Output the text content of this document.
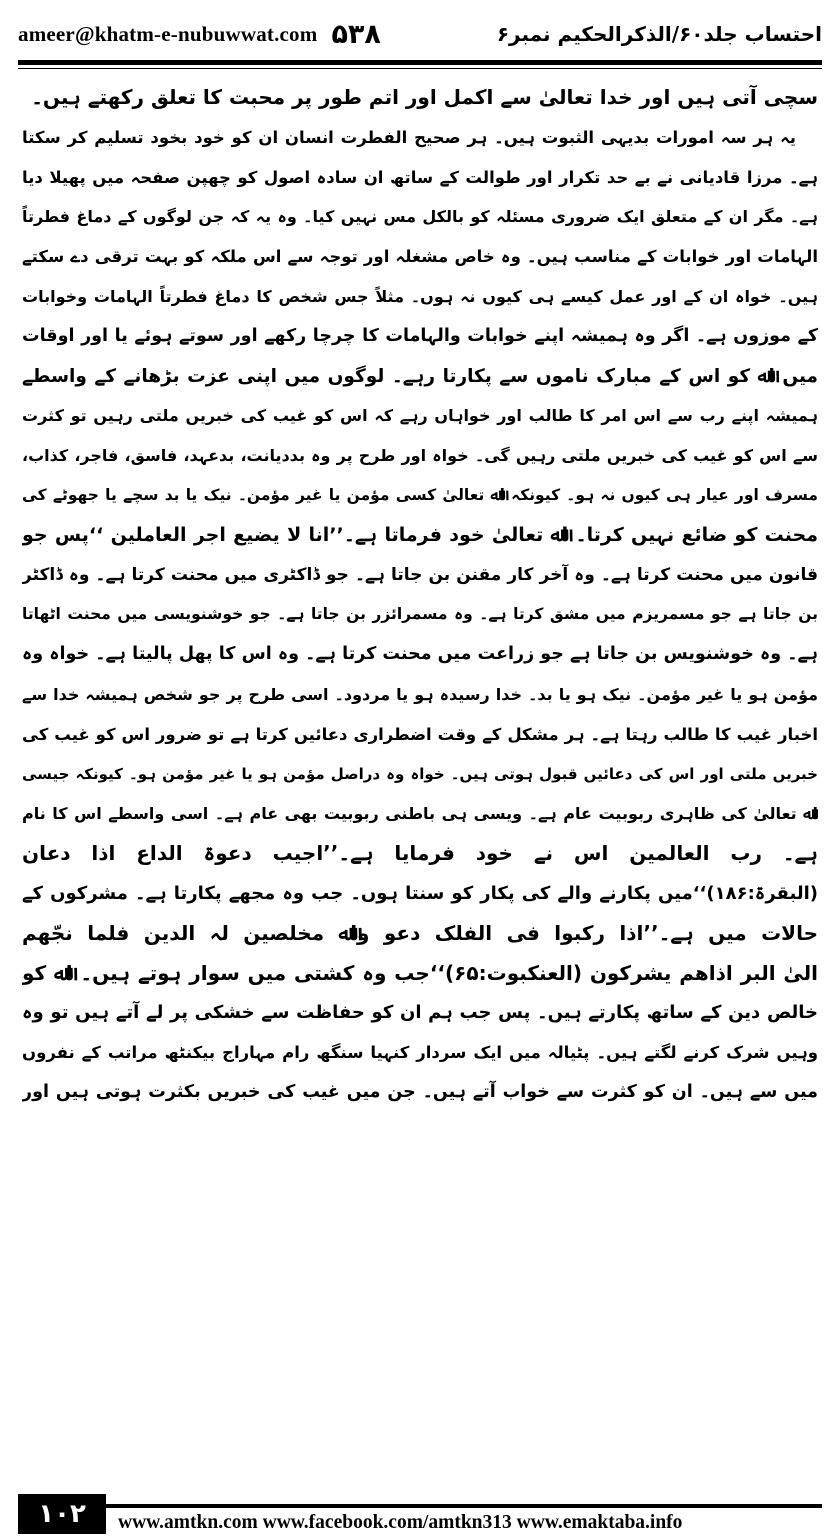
ameer@khatm-e-nubuwwat.com ۵۳۸	احتساب جلد۶۰/الذکرالحکیم نمبر۶
سچی آتی ہیں اور خدا تعالیٰ سے اکمل اور اتم طور پر محبت کا تعلق رکھتے ہیں۔
یہ ہر سہ امورات بدیہی الثبوت ہیں۔ ہر صحیح الفطرت انسان ان کو خود بخود تسلیم کر سکتا
ہے۔ مرزا قادیانی نے بے حد تکرار اور طوالت کے ساتھ ان سادہ اصول کو چھپن صفحہ میں پھیلا دیا
ہے۔ مگر ان کے متعلق ایک ضروری مسئلہ کو بالکل مس نہیں کیا۔ وہ یہ کہ جن لوگوں کے دماغ فطرتاً
الہامات اور خوابات کے مناسب ہیں۔ وہ خاص مشغلہ اور توجہ سے اس ملکہ کو بہت ترقی دے سکتے
ہیں۔ خواہ ان کے اور عمل کیسے ہی کیوں نہ ہوں۔ مثلاً جس شخص کا دماغ فطرتاً الہامات وخوابات
کے موزوں ہے۔ اگر وہ ہمیشہ اپنے خوابات والہامات کا چرچا رکھے اور سوتے ہوئے یا اور اوقات
میں اﷲ کو اس کے مبارک ناموں سے پکارتا رہے۔ لوگوں میں اپنی عزت بڑھانے کے واسطے
ہمیشہ اپنے رب سے اس امر کا طالب اور خواہاں رہے کہ اس کو غیب کی خبریں ملتی رہیں تو کثرت
سے اس کو غیب کی خبریں ملتی رہیں گی۔ خواہ اور طرح پر وہ بددیانت، بدعہد، فاسق، فاجر، کذاب،
مسرف اور عیار ہی کیوں نہ ہو۔ کیونکہ اﷲ تعالیٰ کسی مؤمن یا غیر مؤمن۔ نیک یا بد سچے یا جھوٹے کی
محنت کو ضائع نہیں کرتا۔ اﷲ تعالیٰ خود فرماتا ہے۔’’انا لا یضیع اجر العاملین ‘‘پس جو
قانون میں محنت کرتا ہے۔ وہ آخر کار مقنن بن جاتا ہے۔ جو ڈاکٹری میں محنت کرتا ہے۔ وہ ڈاکٹر
بن جاتا ہے جو مسمریزم میں مشق کرتا ہے۔ وہ مسمرائزر بن جاتا ہے۔ جو خوشنویسی میں محنت اٹھاتا
ہے۔ وہ خوشنویس بن جاتا ہے جو زراعت میں محنت کرتا ہے۔ وہ اس کا پھل پالیتا ہے۔ خواہ وہ
مؤمن ہو یا غیر مؤمن۔ نیک ہو یا بد۔ خدا رسیدہ ہو یا مردود۔ اسی طرح پر جو شخص ہمیشہ خدا سے
اخبار غیب کا طالب رہتا ہے۔ ہر مشکل کے وقت اضطراری دعائیں کرتا ہے تو ضرور اس کو غیب کی
خبریں ملتی اور اس کی دعائیں قبول ہوتی ہیں۔ خواہ وہ دراصل مؤمن ہو یا غیر مؤمن ہو۔ کیونکہ جیسی
اﷲ تعالیٰ کی ظاہری ربوبیت عام ہے۔ ویسی ہی باطنی ربوبیت بھی عام ہے۔ اسی واسطے اس کا نام
ہے۔ رب العالمین اس نے خود فرمایا ہے۔’’اجیب دعوۃ الداع اذا دعان
(البقرۃ:۱۸۶)‘‘میں پکارنے والے کی پکار کو سنتا ہوں۔ جب وہ مجھے پکارتا ہے۔ مشرکوں کے
حالات میں ہے۔’’اذا رکبوا فی الفلک دعو واﷲ مخلصین لہ الدین فلما نجّھم
الیٰ البر اذاھم یشرکون (العنکبوت:۶۵)‘‘جب وہ کشتی میں سوار ہوتے ہیں۔ اﷲ کو
خالص دین کے ساتھ پکارتے ہیں۔ پس جب ہم ان کو حفاظت سے خشکی پر لے آتے ہیں تو وہ
وہیں شرک کرنے لگتے ہیں۔ پٹیالہ میں ایک سردار کنہیا سنگھ رام مہاراج بیکنٹھ مراتب کے نفروں
میں سے ہیں۔ ان کو کثرت سے خواب آتے ہیں۔ جن میں غیب کی خبریں بکثرت ہوتی ہیں اور
۱۰۲	www.amtkn.com www.facebook.com/amtkn313 www.emaktaba.info
